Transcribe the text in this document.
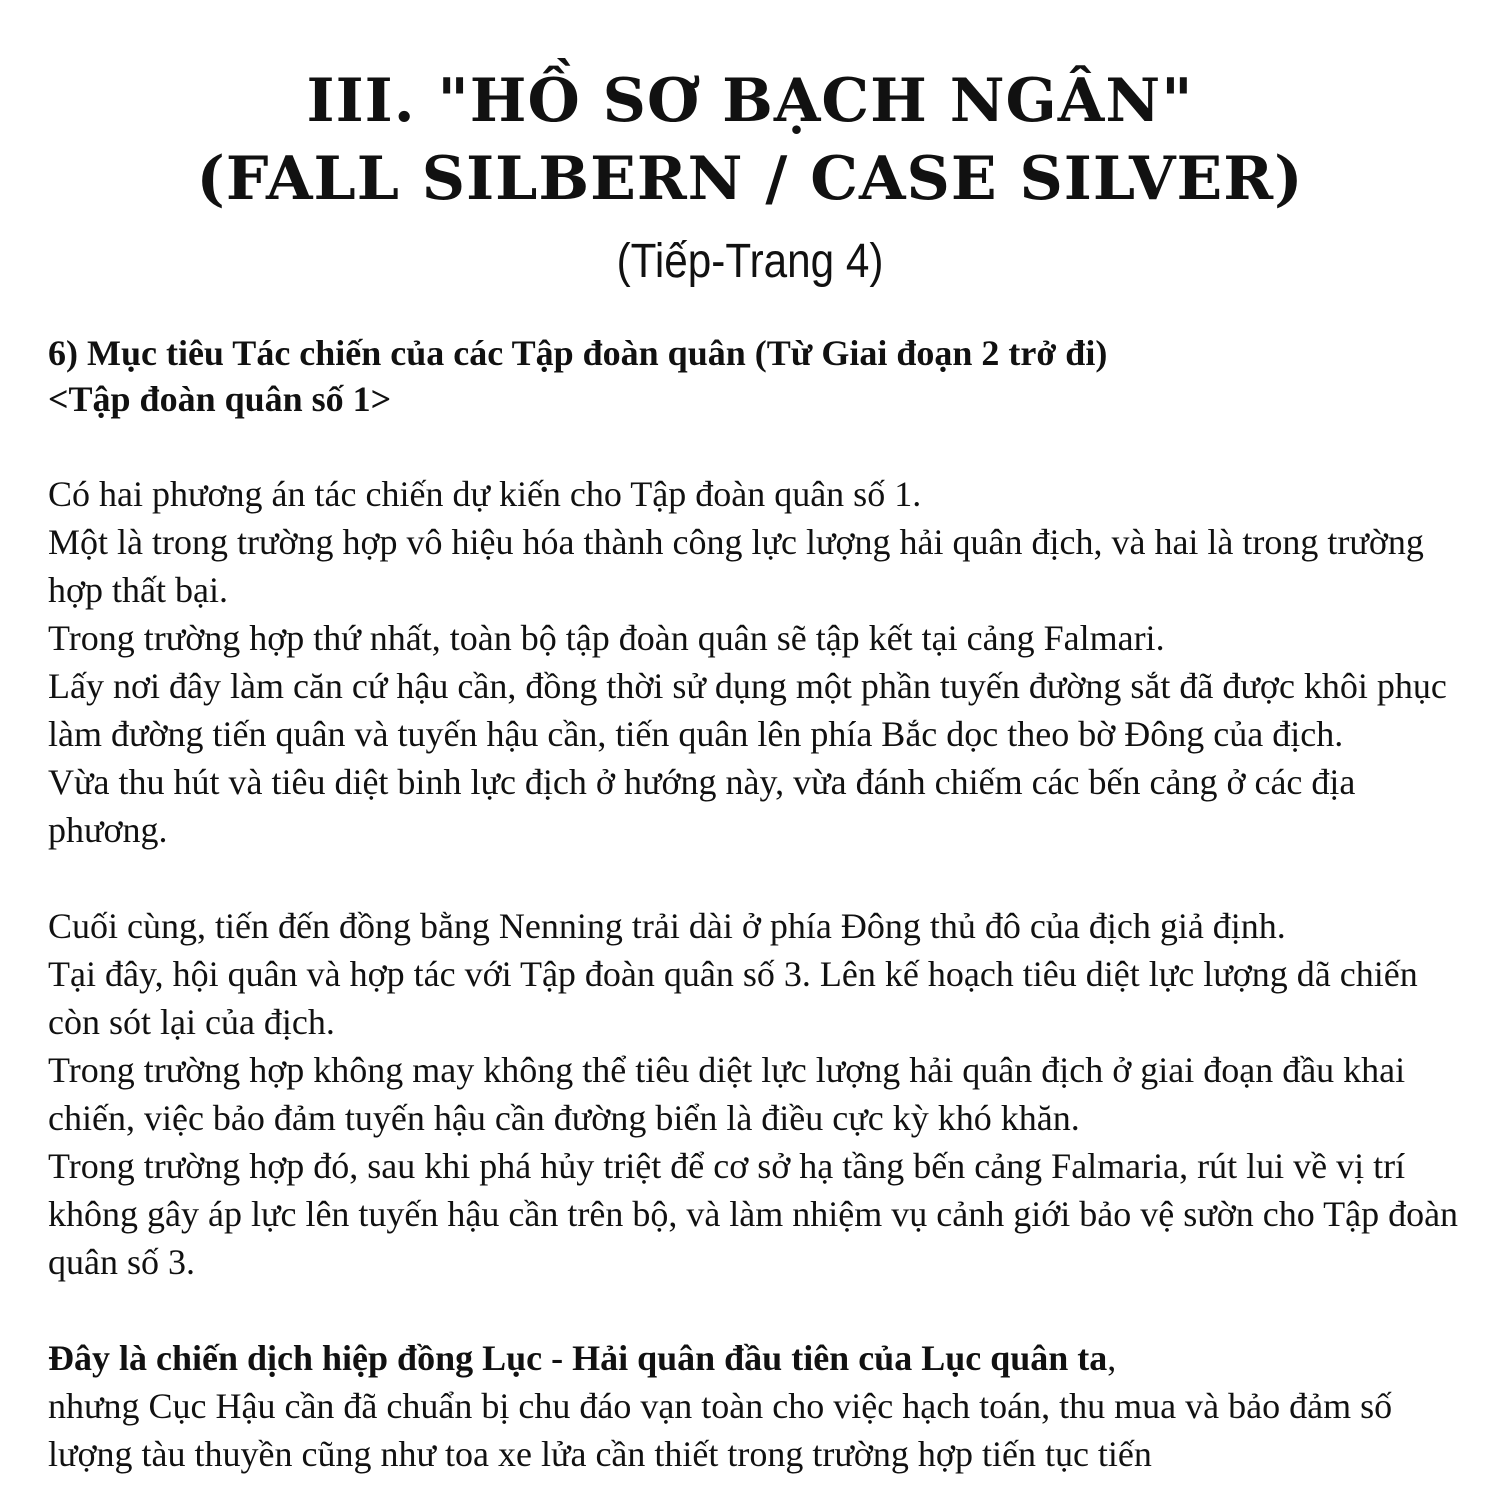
III. "HỒ SƠ BẠCH NGÂN"
(FALL SILBERN / CASE SILVER)
(Tiếp-Trang 4)
6) Mục tiêu Tác chiến của các Tập đoàn quân (Từ Giai đoạn 2 trở đi)
<Tập đoàn quân số 1>

Có hai phương án tác chiến dự kiến cho Tập đoàn quân số 1.

Một là trong trường hợp vô hiệu hóa thành công lực lượng hải quân địch, và hai là trong trường hợp thất bại.

Trong trường hợp thứ nhất, toàn bộ tập đoàn quân sẽ tập kết tại cảng Falmari.

Lấy nơi đây làm căn cứ hậu cần, đồng thời sử dụng một phần tuyến đường sắt đã được khôi phục làm đường tiến quân và tuyến hậu cần, tiến quân lên phía Bắc dọc theo bờ Đông của địch.

Vừa thu hút và tiêu diệt binh lực địch ở hướng này, vừa đánh chiếm các bến cảng ở các địa phương.

Cuối cùng, tiến đến đồng bằng Nenning trải dài ở phía Đông thủ đô của địch giả định.

Tại đây, hội quân và hợp tác với Tập đoàn quân số 3. Lên kế hoạch tiêu diệt lực lượng dã chiến còn sót lại của địch.

Trong trường hợp không may không thể tiêu diệt lực lượng hải quân địch ở giai đoạn đầu khai chiến, việc bảo đảm tuyến hậu cần đường biển là điều cực kỳ khó khăn.

Trong trường hợp đó, sau khi phá hủy triệt để cơ sở hạ tầng bến cảng Falmaria, rút lui về vị trí không gây áp lực lên tuyến hậu cần trên bộ, và làm nhiệm vụ cảnh giới bảo vệ sườn cho Tập đoàn quân số 3.

Đây là chiến dịch hiệp đồng Lục - Hải quân đầu tiên của Lục quân ta,

nhưng Cục Hậu cần đã chuẩn bị chu đáo vạn toàn cho việc hạch toán, thu mua và bảo đảm số lượng tàu thuyền cũng như toa xe lửa cần thiết trong trường hợp tiến tục tiến
